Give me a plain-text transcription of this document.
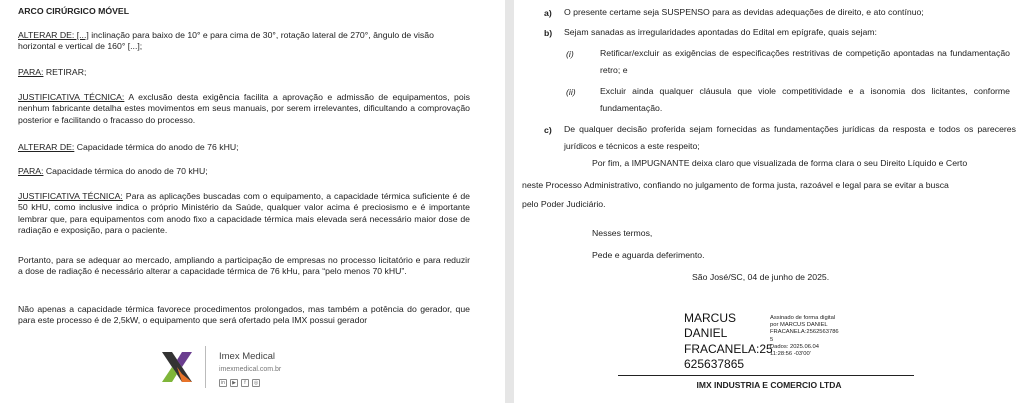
ARCO CIRÚRGICO MÓVEL
ALTERAR DE: [...] inclinação para baixo de 10° e para cima de 30°, rotação lateral de 270°, ângulo de visão horizontal e vertical de 160° [...];
PARA: RETIRAR;
JUSTIFICATIVA TÉCNICA: A exclusão desta exigência facilita a aprovação e admissão de equipamentos, pois nenhum fabricante detalha estes movimentos em seus manuais, por serem irrelevantes, dificultando a comprovação posterior e facilitando o fracasso do processo.
ALTERAR DE: Capacidade térmica do anodo de 76 kHU;
PARA: Capacidade térmica do anodo de 70 kHU;
JUSTIFICATIVA TÉCNICA: Para as aplicações buscadas com o equipamento, a capacidade térmica suficiente é de 50 kHU, como inclusive indica o próprio Ministério da Saúde, qualquer valor acima é preciosismo e é importante lembrar que, para equipamentos com anodo fixo a capacidade térmica mais elevada será necessário maior dose de radiação e exposição, para o paciente.
Portanto, para se adequar ao mercado, ampliando a participação de empresas no processo licitatório e para reduzir a dose de radiação é necessário alterar a capacidade térmica de 76 kHu, para “pelo menos 70 kHU”.
Não apenas a capacidade térmica favorece procedimentos prolongados, mas também a potência do gerador, que para este processo é de 2,5kW, o equipamento que será ofertado pela IMX possui gerador
Imex Medical
imexmedical.com.br
in	▶	f	◎
a) O presente certame seja SUSPENSO para as devidas adequações de direito, e ato contínuo;
b) Sejam sanadas as irregularidades apontadas do Edital em epígrafe, quais sejam:
(i)	Retificar/excluir as exigências de especificações restritivas de competição apontadas na fundamentação retro; e
(ii)	Excluir ainda qualquer cláusula que viole competitividade e a isonomia dos licitantes, conforme fundamentação.
c) De qualquer decisão proferida sejam fornecidas as fundamentações jurídicas da resposta e todos os pareceres jurídicos e técnicos a este respeito;
Por fim, a IMPUGNANTE deixa claro que visualizada de forma clara o seu Direito Líquido e Certo
neste Processo Administrativo, confiando no julgamento de forma justa, razoável e legal para se evitar a busca
pelo Poder Judiciário.
Nesses termos,
Pede e aguarda deferimento.
São José/SC, 04 de junho de 2025.
MARCUS
DANIEL
FRACANELA:25
625637865
Assinado de forma digital
por MARCUS DANIEL
FRACANELA:2562563786
5
Dados: 2025.06.04
11:28:56 -03'00'
IMX INDUSTRIA E COMERCIO LTDA
